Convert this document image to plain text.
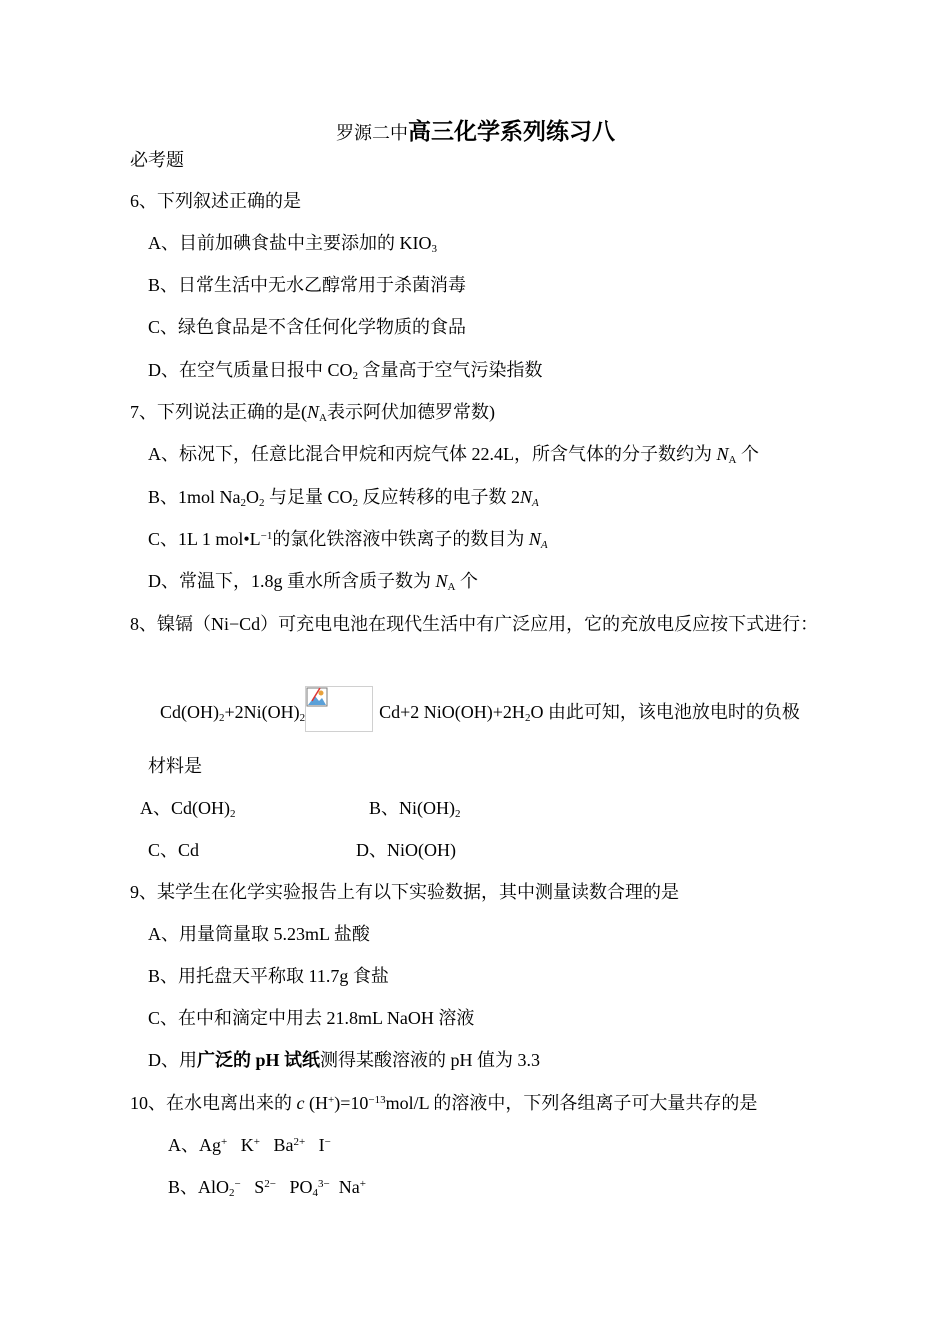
罗源二中高三化学系列练习八
必考题
6、下列叙述正确的是
A、目前加碘食盐中主要添加的 $KIO_3$
B、日常生活中无水乙醇常用于杀菌消毒
C、绿色食品是不含任何化学物质的食品
D、在空气质量日报中 $CO_2$ 含量高于空气污染指数
7、下列说法正确的是($N_A$表示阿伏加德罗常数)
A、标况下，任意比混合甲烷和丙烷气体 22.4L，所含气体的分子数约为 $N_A$ 个
B、1mol $Na_2O_2$ 与足量 $CO_2$ 反应转移的电子数 $2N_A$
C、1L 1 $mol•L^{-1}$的氯化铁溶液中铁离子的数目为 $N_A$
D、常温下，1.8g 重水所含质子数为 $N_A$ 个
8、镍镉（Ni−Cd）可充电电池在现代生活中有广泛应用，它的充放电反应按下式进行：
$Cd(OH)_2+2Ni(OH)_2$	Cd+2 $NiO(OH)+2H_2O$ 由此可知，该电池放电时的负极
材料是
A、$Cd(OH)_2$	B、$Ni(OH)_2$
C、Cd	D、NiO(OH)
9、某学生在化学实验报告上有以下实验数据，其中测量读数合理的是
A、用量筒量取 5.23mL 盐酸
B、用托盘天平称取 11.7g 食盐
C、在中和滴定中用去 21.8mL NaOH 溶液
D、用广泛的 pH 试纸测得某酸溶液的 pH 值为 3.3
10、在水电离出来的 c $(H^+)=10^{-13}mol/L$ 的溶液中，下列各组离子可大量共存的是
A、Ag+   K+   $Ba^{2+}$   I−
B、AlO$_2$−   $S^{2-}$   $PO_4^{3-}$  Na+
